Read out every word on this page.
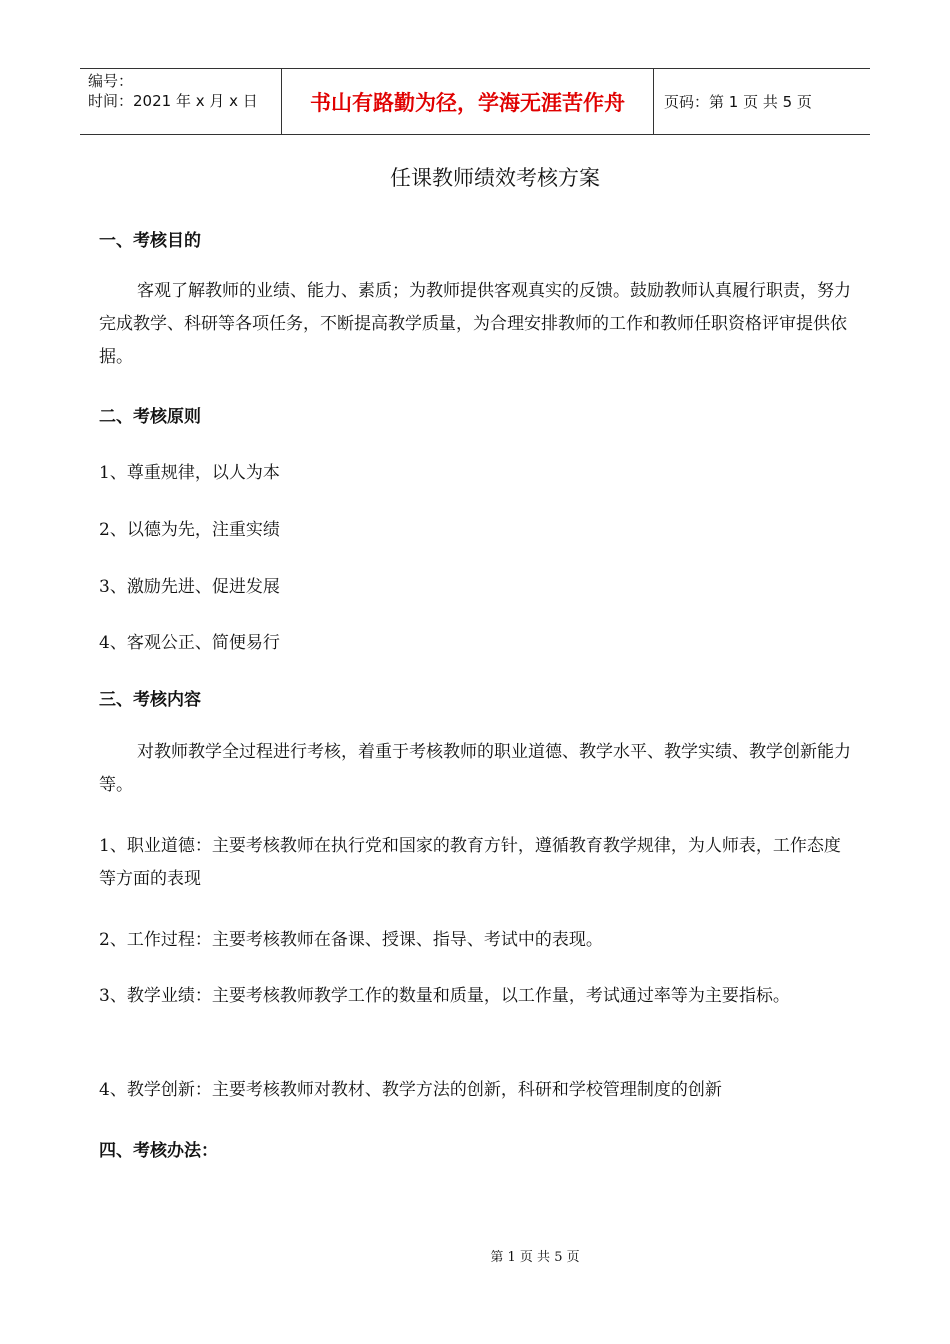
编号：
时间：2021 年 x 月 x 日	书山有路勤为径，学海无涯苦作舟	页码：第 1 页 共 5 页
任课教师绩效考核方案
一、考核目的
客观了解教师的业绩、能力、素质；为教师提供客观真实的反馈。鼓励教师认真履行职责，努力完成教学、科研等各项任务，不断提高教学质量，为合理安排教师的工作和教师任职资格评审提供依据。
二、考核原则
1、尊重规律，以人为本
2、以德为先，注重实绩
3、激励先进、促进发展
4、客观公正、简便易行
三、考核内容
对教师教学全过程进行考核，着重于考核教师的职业道德、教学水平、教学实绩、教学创新能力等。
1、职业道德：主要考核教师在执行党和国家的教育方针，遵循教育教学规律，为人师表，工作态度等方面的表现
2、工作过程：主要考核教师在备课、授课、指导、考试中的表现。
3、教学业绩：主要考核教师教学工作的数量和质量，以工作量，考试通过率等为主要指标。
4、教学创新：主要考核教师对教材、教学方法的创新，科研和学校管理制度的创新
四、考核办法：
第 1 页 共 5 页
